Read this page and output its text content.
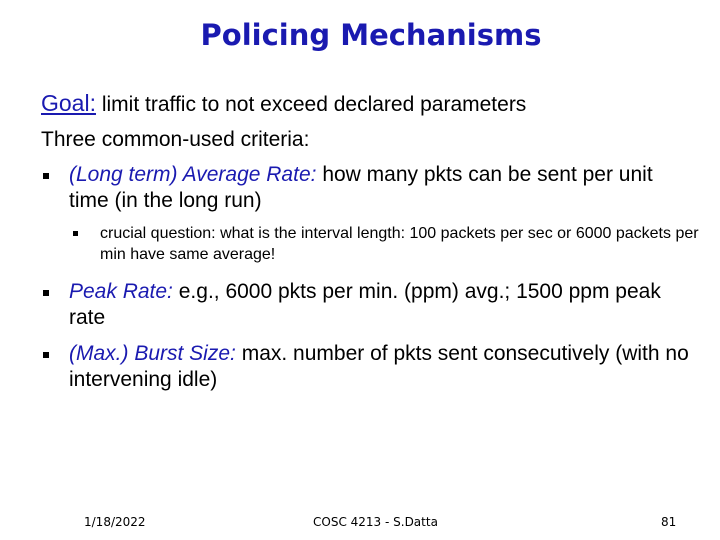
Policing Mechanisms
Goal: limit traffic to not exceed declared parameters
Three common-used criteria:
(Long term) Average Rate: how many pkts can be sent per unit time (in the long run)
crucial question: what is the interval length: 100 packets per sec or 6000 packets per min have same average!
Peak Rate: e.g., 6000 pkts per min. (ppm) avg.; 1500 ppm peak rate
(Max.) Burst Size: max. number of pkts sent consecutively (with no intervening idle)
1/18/2022	COSC 4213 - S.Datta	81
